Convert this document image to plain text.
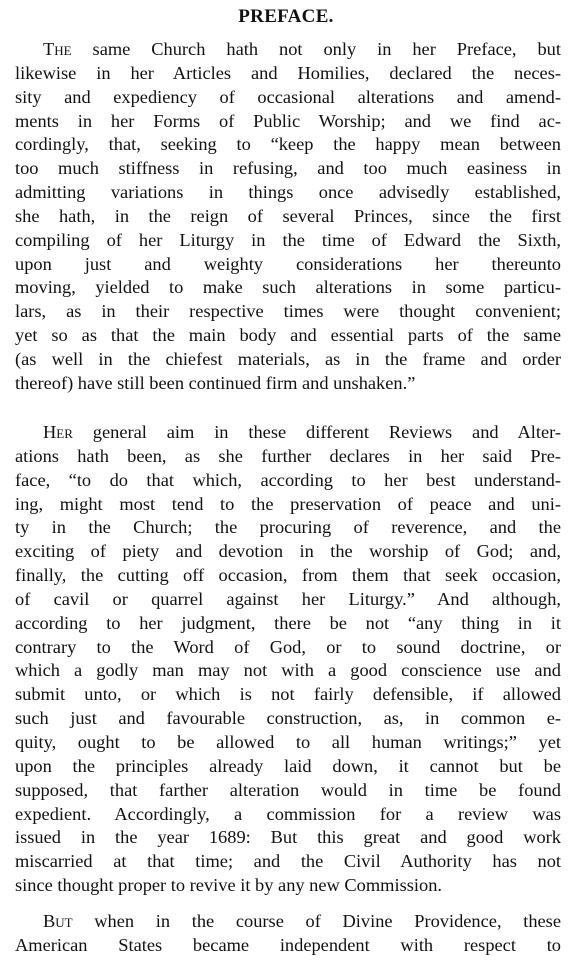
PREFACE.
The same Church hath not only in her Preface, but
likewise in her Articles and Homilies, declared the neces-
sity and expediency of occasional alterations and amend-
ments in her Forms of Public Worship; and we find ac-
cordingly, that, seeking to “keep the happy mean between
too much stiffness in refusing, and too much easiness in
admitting variations in things once advisedly established,
she hath, in the reign of several Princes, since the first
compiling of her Liturgy in the time of Edward the Sixth,
upon just and weighty considerations her thereunto
moving, yielded to make such alterations in some particu-
lars, as in their respective times were thought convenient;
yet so as that the main body and essential parts of the same
(as well in the chiefest materials, as in the frame and order
thereof) have still been continued firm and unshaken.”
Her general aim in these different Reviews and Alter-
ations hath been, as she further declares in her said Pre-
face, “to do that which, according to her best understand-
ing, might most tend to the preservation of peace and uni-
ty in the Church; the procuring of reverence, and the
exciting of piety and devotion in the worship of God; and,
finally, the cutting off occasion, from them that seek occasion,
of cavil or quarrel against her Liturgy.” And although,
according to her judgment, there be not “any thing in it
contrary to the Word of God, or to sound doctrine, or
which a godly man may not with a good conscience use and
submit unto, or which is not fairly defensible, if allowed
such just and favourable construction, as, in common e-
quity, ought to be allowed to all human writings;” yet
upon the principles already laid down, it cannot but be
supposed, that farther alteration would in time be found
expedient. Accordingly, a commission for a review was
issued in the year 1689: But this great and good work
miscarried at that time; and the Civil Authority has not
since thought proper to revive it by any new Commission.
But when in the course of Divine Providence, these
American States became independent with respect to
